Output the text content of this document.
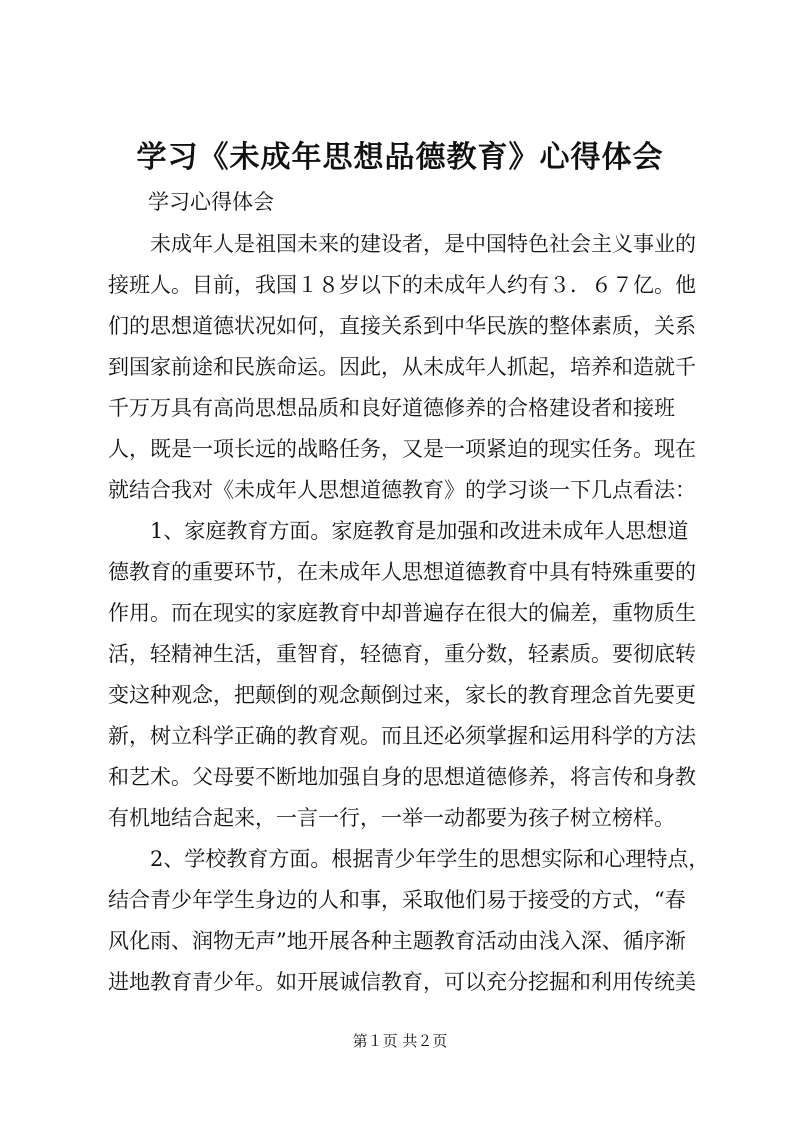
学习《未成年思想品德教育》心得体会
学习心得体会
　　未成年人是祖国未来的建设者，是中国特色社会主义事业的
接班人。目前，我国１８岁以下的未成年人约有３．６７亿。他
们的思想道德状况如何，直接关系到中华民族的整体素质，关系
到国家前途和民族命运。因此，从未成年人抓起，培养和造就千
千万万具有高尚思想品质和良好道德修养的合格建设者和接班
人，既是一项长远的战略任务，又是一项紧迫的现实任务。现在
就结合我对《未成年人思想道德教育》的学习谈一下几点看法：
　　1、家庭教育方面。家庭教育是加强和改进未成年人思想道
德教育的重要环节，在未成年人思想道德教育中具有特殊重要的
作用。而在现实的家庭教育中却普遍存在很大的偏差，重物质生
活，轻精神生活，重智育，轻德育，重分数，轻素质。要彻底转
变这种观念，把颠倒的观念颠倒过来，家长的教育理念首先要更
新，树立科学正确的教育观。而且还必须掌握和运用科学的方法
和艺术。父母要不断地加强自身的思想道德修养，将言传和身教
有机地结合起来，一言一行，一举一动都要为孩子树立榜样。
　　2、学校教育方面。根据青少年学生的思想实际和心理特点，
结合青少年学生身边的人和事，采取他们易于接受的方式，“春
风化雨、润物无声”地开展各种主题教育活动由浅入深、循序渐
进地教育青少年。如开展诚信教育，可以充分挖掘和利用传统美
第１页 共２页
